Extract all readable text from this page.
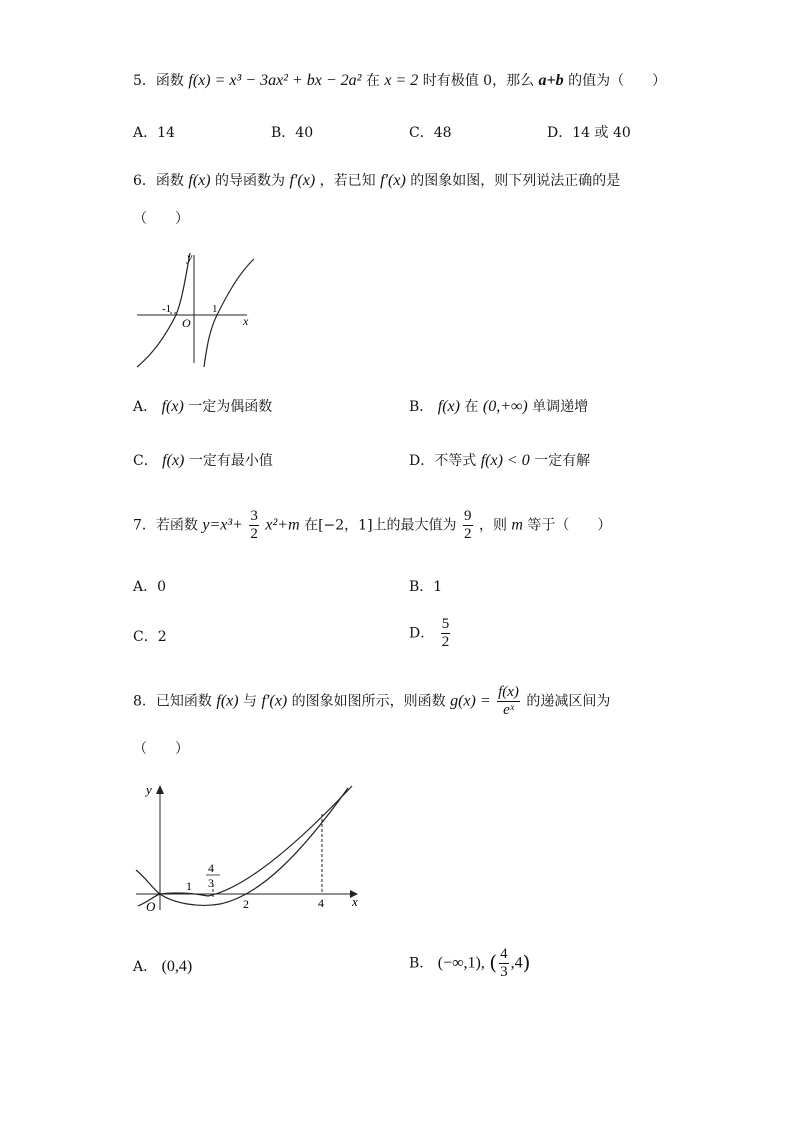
5．函数 f(x) = x³ − 3ax² + bx − 2a² 在 x = 2 时有极值 0，那么 a+b 的值为（　　）
A．14	B．40	C．48	D．14 或 40
6．函数 f(x) 的导函数为 f′(x) ，若已知 f′(x) 的图象如图，则下列说法正确的是
（　　）
y
x
O
-1	1
A． f(x) 一定为偶函数	B． f(x) 在 (0,+∞) 单调递增
C． f(x) 一定有最小值	D．不等式 f(x) < 0 一定有解
7．若函数 $y=x^3+ \frac{3}{2} x^2+m$ 在[−2，1]上的最大值为 $\frac{9}{2}$ ，则 m 等于（　　）
A．0	B．1
C．2	D． $\frac{5}{2}$
8．已知函数 f(x) 与 f′(x) 的图象如图所示，则函数 $g(x) = \frac{f(x)}{\text{eˣ}}$ 的递减区间为
（　　）
y
x
O
1
4
3
2	4
A． (0,4)	B． (−∞,1), ( $\frac{4}{3} ,4$)
